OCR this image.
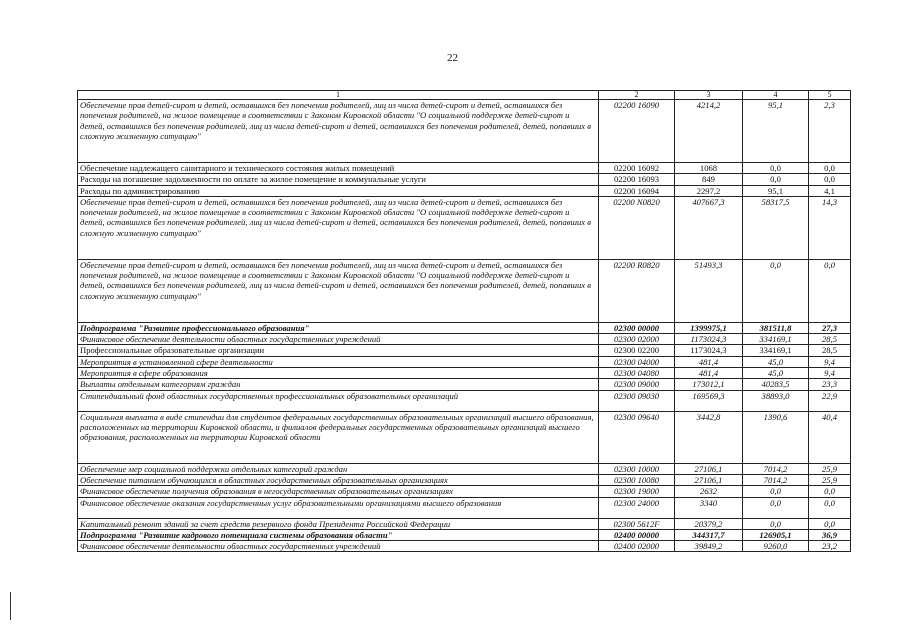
22
1	2	3	4	5
Обеспечение прав детей-сирот и детей, оставшихся без попечения родителей, лиц из числа детей-сирот и детей, оставшихся без попечения родителей, на жилое помещение в соответствии с Законом Кировской области "О социальной поддержке детей-сирот и детей, оставшихся без попечения родителей, лиц из числа детей-сирот и детей, оставшихся без попечения родителей, детей, попавших в сложную жизненную ситуацию"	02200 16090	4214,2	95,1	2,3
Обеспечение надлежащего санитарного и технического состояния жилых помещений	02200 16092	1068	0,0	0,0
Расходы на погашение задолженности по оплате за жилое помещение и коммунальные услуги	02200 16093	849	0,0	0,0
Расходы по администрированию	02200 16094	2297,2	95,1	4,1
Обеспечение прав детей-сирот и детей, оставшихся без попечения родителей, лиц из числа детей-сирот и детей, оставшихся без попечения родителей, на жилое помещение в соответствии с Законом Кировской области "О социальной поддержке детей-сирот и детей, оставшихся без попечения родителей, лиц из числа детей-сирот и детей, оставшихся без попечения родителей, детей, попавших в сложную жизненную ситуацию"	02200 N0820	407667,3	58317,5	14,3
Обеспечение прав детей-сирот и детей, оставшихся без попечения родителей, лиц из числа детей-сирот и детей, оставшихся без попечения родителей, на жилое помещение в соответствии с Законом Кировской области "О социальной поддержке детей-сирот и детей, оставшихся без попечения родителей, лиц из числа детей-сирот и детей, оставшихся без попечения родителей, детей, попавших в сложную жизненную ситуацию"	02200 R0820	51493,3	0,0	0,0
Подпрограмма "Развитие профессионального образования"	02300 00000	1399975,1	381511,8	27,3
Финансовое обеспечение деятельности областных государственных учреждений	02300 02000	1173024,3	334169,1	28,5
Профессиональные образовательные организации	02300 02200	1173024,3	334169,1	28,5
Мероприятия в установленной сфере деятельности	02300 04000	481,4	45,0	9,4
Мероприятия в сфере образования	02300 04080	481,4	45,0	9,4
Выплаты отдельным категориям граждан	02300 09000	173012,1	40283,5	23,3
Стипендиальный фонд областных государственных профессиональных образовательных организаций	02300 09030	169569,3	38893,0	22,9
Социальная выплата в виде стипендии для студентов федеральных государственных образовательных организаций высшего образования, расположенных на территории Кировской области, и филиалов федеральных государственных образовательных организаций высшего образования, расположенных на территории Кировской области	02300 09640	3442,8	1390,6	40,4
Обеспечение мер социальной поддержки отдельных категорий граждан	02300 10000	27106,1	7014,2	25,9
Обеспечение питанием обучающихся в областных государственных образовательных организациях	02300 10080	27106,1	7014,2	25,9
Финансовое обеспечение получения образования в негосударственных образовательных организациях	02300 19000	2632	0,0	0,0
Финансовое обеспечение оказания государственных услуг образовательными организациями высшего образования	02300 24000	3340	0,0	0,0
Капитальный ремонт зданий за счет средств резервного фонда Президента Российской Федерации	02300 5612F	20379,2	0,0	0,0
Подпрограмма "Развитие кадрового потенциала системы образования области"	02400 00000	344317,7	126905,1	36,9
Финансовое обеспечение деятельности областных государственных учреждений	02400 02000	39849,2	9260,0	23,2
